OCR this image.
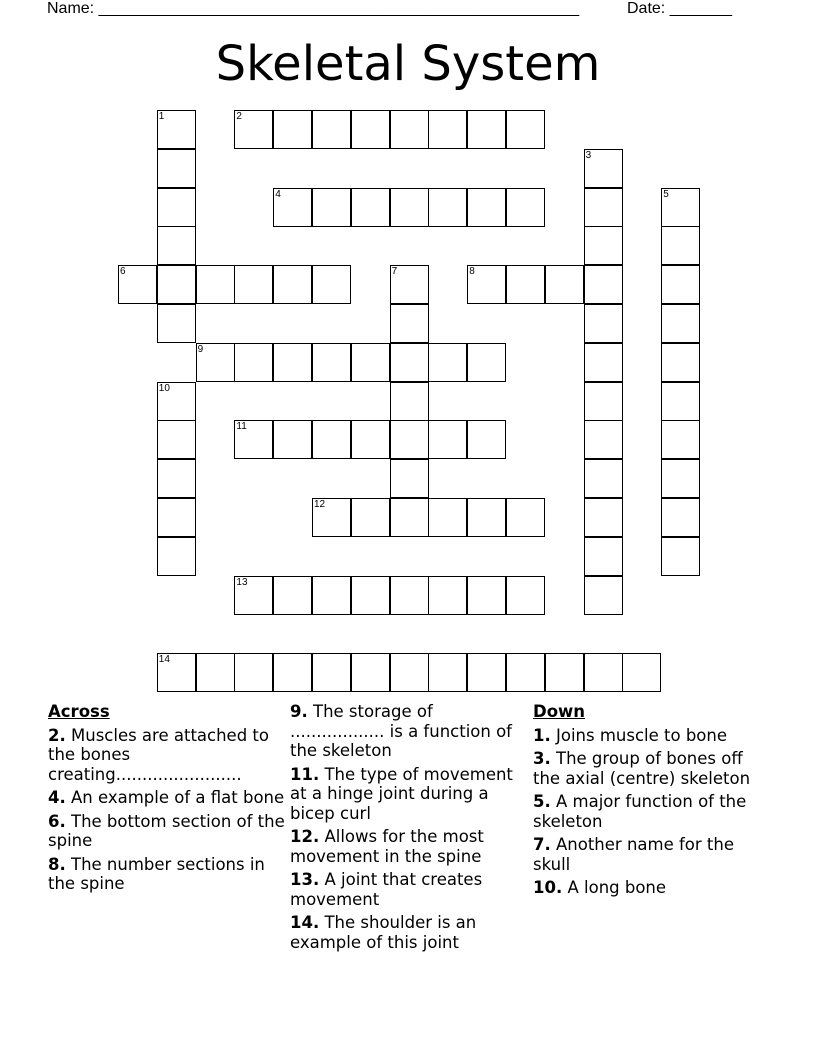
Name: ______________________________________________________	Date: _______
Skeletal System
1
10
2
3
4	5
6	7	8
9
11
12
13
14
Across
2. Muscles are attached to the bones creating........................
4. An example of a flat bone
6. The bottom section of the spine
8. The number sections in the spine
9. The storage of .................. is a function of the skeleton
11. The type of movement at a hinge joint during a bicep curl
12. Allows for the most movement in the spine
13. A joint that creates movement
14. The shoulder is an example of this joint
Down
1. Joins muscle to bone
3. The group of bones off the axial (centre) skeleton
5. A major function of the skeleton
7. Another name for the skull
10. A long bone
